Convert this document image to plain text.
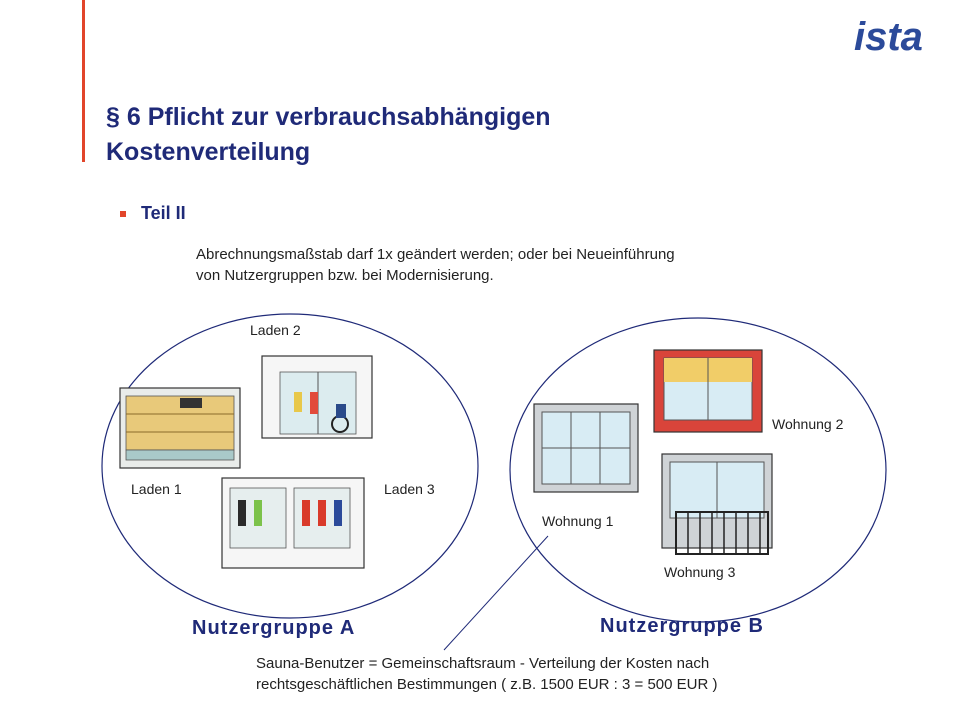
ista
§ 6 Pflicht zur verbrauchsabhängigen
Kostenverteilung
Teil II
Abrechnungsmaßstab darf 1x geändert werden; oder bei Neueinführung
von Nutzergruppen bzw. bei Modernisierung.
Laden 2
Laden 1	Laden 3
Wohnung 2
Wohnung 1
Wohnung 3
Nutzergruppe A	Nutzergruppe B
Sauna-Benutzer = Gemeinschaftsraum - Verteilung der Kosten nach
rechtsgeschäftlichen Bestimmungen ( z.B. 1500 EUR : 3 = 500 EUR )
